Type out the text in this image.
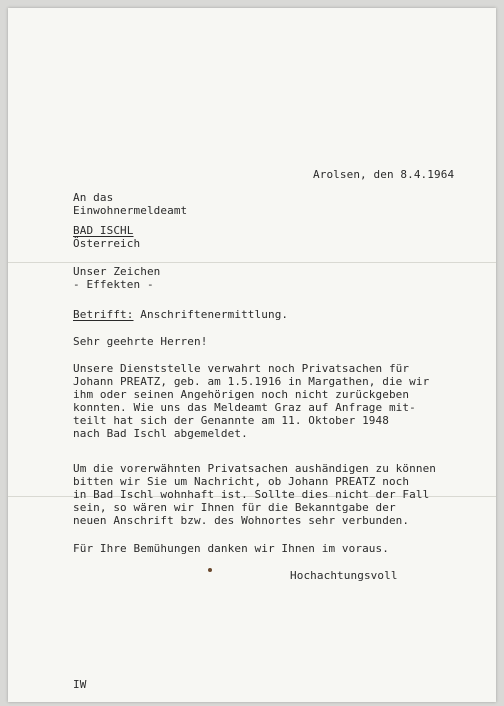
Arolsen, den 8.4.1964
An das
Einwohnermeldeamt
BAD ISCHL
Österreich
Unser Zeichen
- Effekten -
Betrifft: Anschriftenermittlung.
Sehr geehrte Herren!
Unsere Dienststelle verwahrt noch Privatsachen für
Johann PREATZ, geb. am 1.5.1916 in Margathen, die wir
ihm oder seinen Angehörigen noch nicht zurückgeben
konnten. Wie uns das Meldeamt Graz auf Anfrage mit-
teilt hat sich der Genannte am 11. Oktober 1948
nach Bad Ischl abgemeldet.
Um die vorerwähnten Privatsachen aushändigen zu können
bitten wir Sie um Nachricht, ob Johann PREATZ noch
in Bad Ischl wohnhaft ist. Sollte dies nicht der Fall
sein, so wären wir Ihnen für die Bekanntgabe der
neuen Anschrift bzw. des Wohnortes sehr verbunden.
Für Ihre Bemühungen danken wir Ihnen im voraus.
Hochachtungsvoll
IW
